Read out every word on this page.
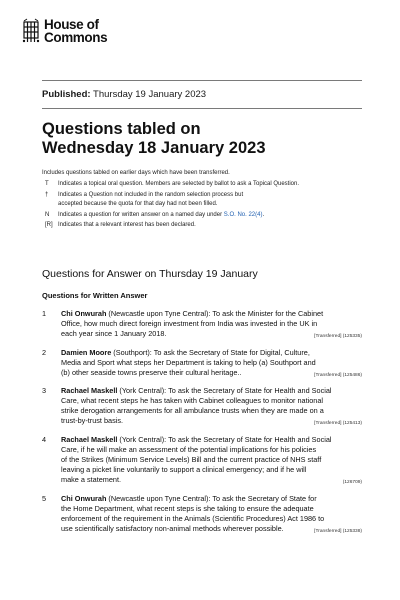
House of
Commons
Published: Thursday 19 January 2023
Questions tabled on
Wednesday 18 January 2023
Includes questions tabled on earlier days which have been transferred.
T	Indicates a topical oral question. Members are selected by ballot to ask a Topical Question.
†	Indicates a Question not included in the random selection process but
accepted because the quota for that day had not been filled.
N	Indicates a question for written answer on a named day under S.O. No. 22(4).
[R] Indicates that a relevant interest has been declared.
Questions for Answer on Thursday 19 January
Questions for Written Answer
1	Chi Onwurah (Newcastle upon Tyne Central): To ask the Minister for the Cabinet
Office, how much direct foreign investment from India was invested in the UK in
each year since 1 January 2018.	[Transferred] (125335)
2	Damien Moore (Southport): To ask the Secretary of State for Digital, Culture,
Media and Sport what steps her Department is taking to help (a) Southport and
(b) other seaside towns preserve their cultural heritage..	[Transferred] (125486)
3	Rachael Maskell (York Central): To ask the Secretary of State for Health and Social
Care, what recent steps he has taken with Cabinet colleagues to monitor national
strike derogation arrangements for all ambulance trusts when they are made on a
trust-by-trust basis.	[Transferred] (125413)
4	Rachael Maskell (York Central): To ask the Secretary of State for Health and Social
Care, if he will make an assessment of the potential implications for his policies
of the Strikes (Minimum Service Levels) Bill and the current practice of NHS staff
leaving a picket line voluntarily to support a clinical emergency; and if he will
make a statement.	(126709)
5	Chi Onwurah (Newcastle upon Tyne Central): To ask the Secretary of State for
the Home Department, what recent steps is she taking to ensure the adequate
enforcement of the requirement in the Animals (Scientific Procedures) Act 1986 to
use scientifically satisfactory non-animal methods wherever possible.	[Transferred] (125338)
